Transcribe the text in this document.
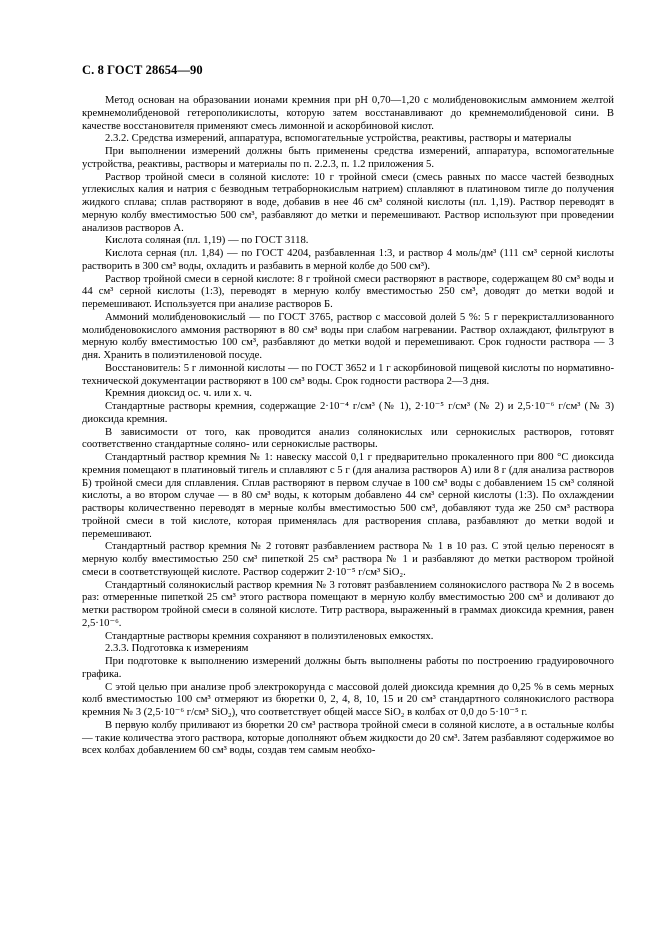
С. 8 ГОСТ 28654—90

Метод основан на образовании ионами кремния при рН 0,70—1,20 с молибденовокислым аммонием желтой кремнемолибденовой гетерополикислоты, которую затем восстанавливают до кремнемолибденовой сини. В качестве восстановителя применяют смесь лимонной и аскорбиновой кислот.

2.3.2. Средства измерений, аппаратура, вспомогательные устройства, реактивы, растворы и материалы

При выполнении измерений должны быть применены средства измерений, аппаратура, вспомогательные устройства, реактивы, растворы и материалы по п. 2.2.3, п. 1.2 приложения 5.

Раствор тройной смеси в соляной кислоте: 10 г тройной смеси (смесь равных по массе частей безводных углекислых калия и натрия с безводным тетраборнокислым натрием) сплавляют в платиновом тигле до получения жидкого сплава; сплав растворяют в воде, добавив в нее 46 см³ соляной кислоты (пл. 1,19). Раствор переводят в мерную колбу вместимостью 500 см³, разбавляют до метки и перемешивают. Раствор используют при проведении анализов растворов А.

Кислота соляная (пл. 1,19) — по ГОСТ 3118.

Кислота серная (пл. 1,84) — по ГОСТ 4204, разбавленная 1:3, и раствор 4 моль/дм³ (111 см³ серной кислоты растворить в 300 см³ воды, охладить и разбавить в мерной колбе до 500 см³).

Раствор тройной смеси в серной кислоте: 8 г тройной смеси растворяют в растворе, содержащем 80 см³ воды и 44 см³ серной кислоты (1:3), переводят в мерную колбу вместимостью 250 см³, доводят до метки водой и перемешивают. Используется при анализе растворов Б.

Аммоний молибденовокислый — по ГОСТ 3765, раствор с массовой долей 5 %: 5 г перекристаллизованного молибденовокислого аммония растворяют в 80 см³ воды при слабом нагревании. Раствор охлаждают, фильтруют в мерную колбу вместимостью 100 см³, разбавляют до метки водой и перемешивают. Срок годности раствора — 3 дня. Хранить в полиэтиленовой посуде.

Восстановитель: 5 г лимонной кислоты — по ГОСТ 3652 и 1 г аскорбиновой пищевой кислоты по нормативно-технической документации растворяют в 100 см³ воды. Срок годности раствора 2—3 дня.

Кремния диоксид ос. ч. или х. ч.

Стандартные растворы кремния, содержащие 2·10⁻⁴ г/см³ (№ 1), 2·10⁻⁵ г/см³ (№ 2) и 2,5·10⁻⁶ г/см³ (№ 3) диоксида кремния.

В зависимости от того, как проводится анализ солянокислых или сернокислых растворов, готовят соответственно стандартные соляно- или сернокислые растворы.

Стандартный раствор кремния № 1: навеску массой 0,1 г предварительно прокаленного при 800 °С диоксида кремния помещают в платиновый тигель и сплавляют с 5 г (для анализа растворов А) или 8 г (для анализа растворов Б) тройной смеси для сплавления. Сплав растворяют в первом случае в 100 см³ воды с добавлением 15 см³ соляной кислоты, а во втором случае — в 80 см³ воды, к которым добавлено 44 см³ серной кислоты (1:3). По охлаждении растворы количественно переводят в мерные колбы вместимостью 500 см³, добавляют туда же 250 см³ раствора тройной смеси в той кислоте, которая применялась для растворения сплава, разбавляют до метки водой и перемешивают.

Стандартный раствор кремния № 2 готовят разбавлением раствора № 1 в 10 раз. С этой целью переносят в мерную колбу вместимостью 250 см³ пипеткой 25 см³ раствора № 1 и разбавляют до метки раствором тройной смеси в соответствующей кислоте. Раствор содержит 2·10⁻⁵ г/см³ SiO₂.

Стандартный солянокислый раствор кремния № 3 готовят разбавлением солянокислого раствора № 2 в восемь раз: отмеренные пипеткой 25 см³ этого раствора помещают в мерную колбу вместимостью 200 см³ и доливают до метки раствором тройной смеси в соляной кислоте. Титр раствора, выраженный в граммах диоксида кремния, равен 2,5·10⁻⁶.

Стандартные растворы кремния сохраняют в полиэтиленовых емкостях.

2.3.3. Подготовка к измерениям

При подготовке к выполнению измерений должны быть выполнены работы по построению градуировочного графика.

С этой целью при анализе проб электрокорунда с массовой долей диоксида кремния до 0,25 % в семь мерных колб вместимостью 100 см³ отмеряют из бюретки 0, 2, 4, 8, 10, 15 и 20 см³ стандартного солянокислого раствора кремния № 3 (2,5·10⁻⁶ г/см³ SiO₂), что соответствует общей массе SiO₂ в колбах от 0,0 до 5·10⁻⁵ г.

В первую колбу приливают из бюретки 20 см³ раствора тройной смеси в соляной кислоте, а в остальные колбы — такие количества этого раствора, которые дополняют объем жидкости до 20 см³. Затем разбавляют содержимое во всех колбах добавлением 60 см³ воды, создав тем самым необхо-
